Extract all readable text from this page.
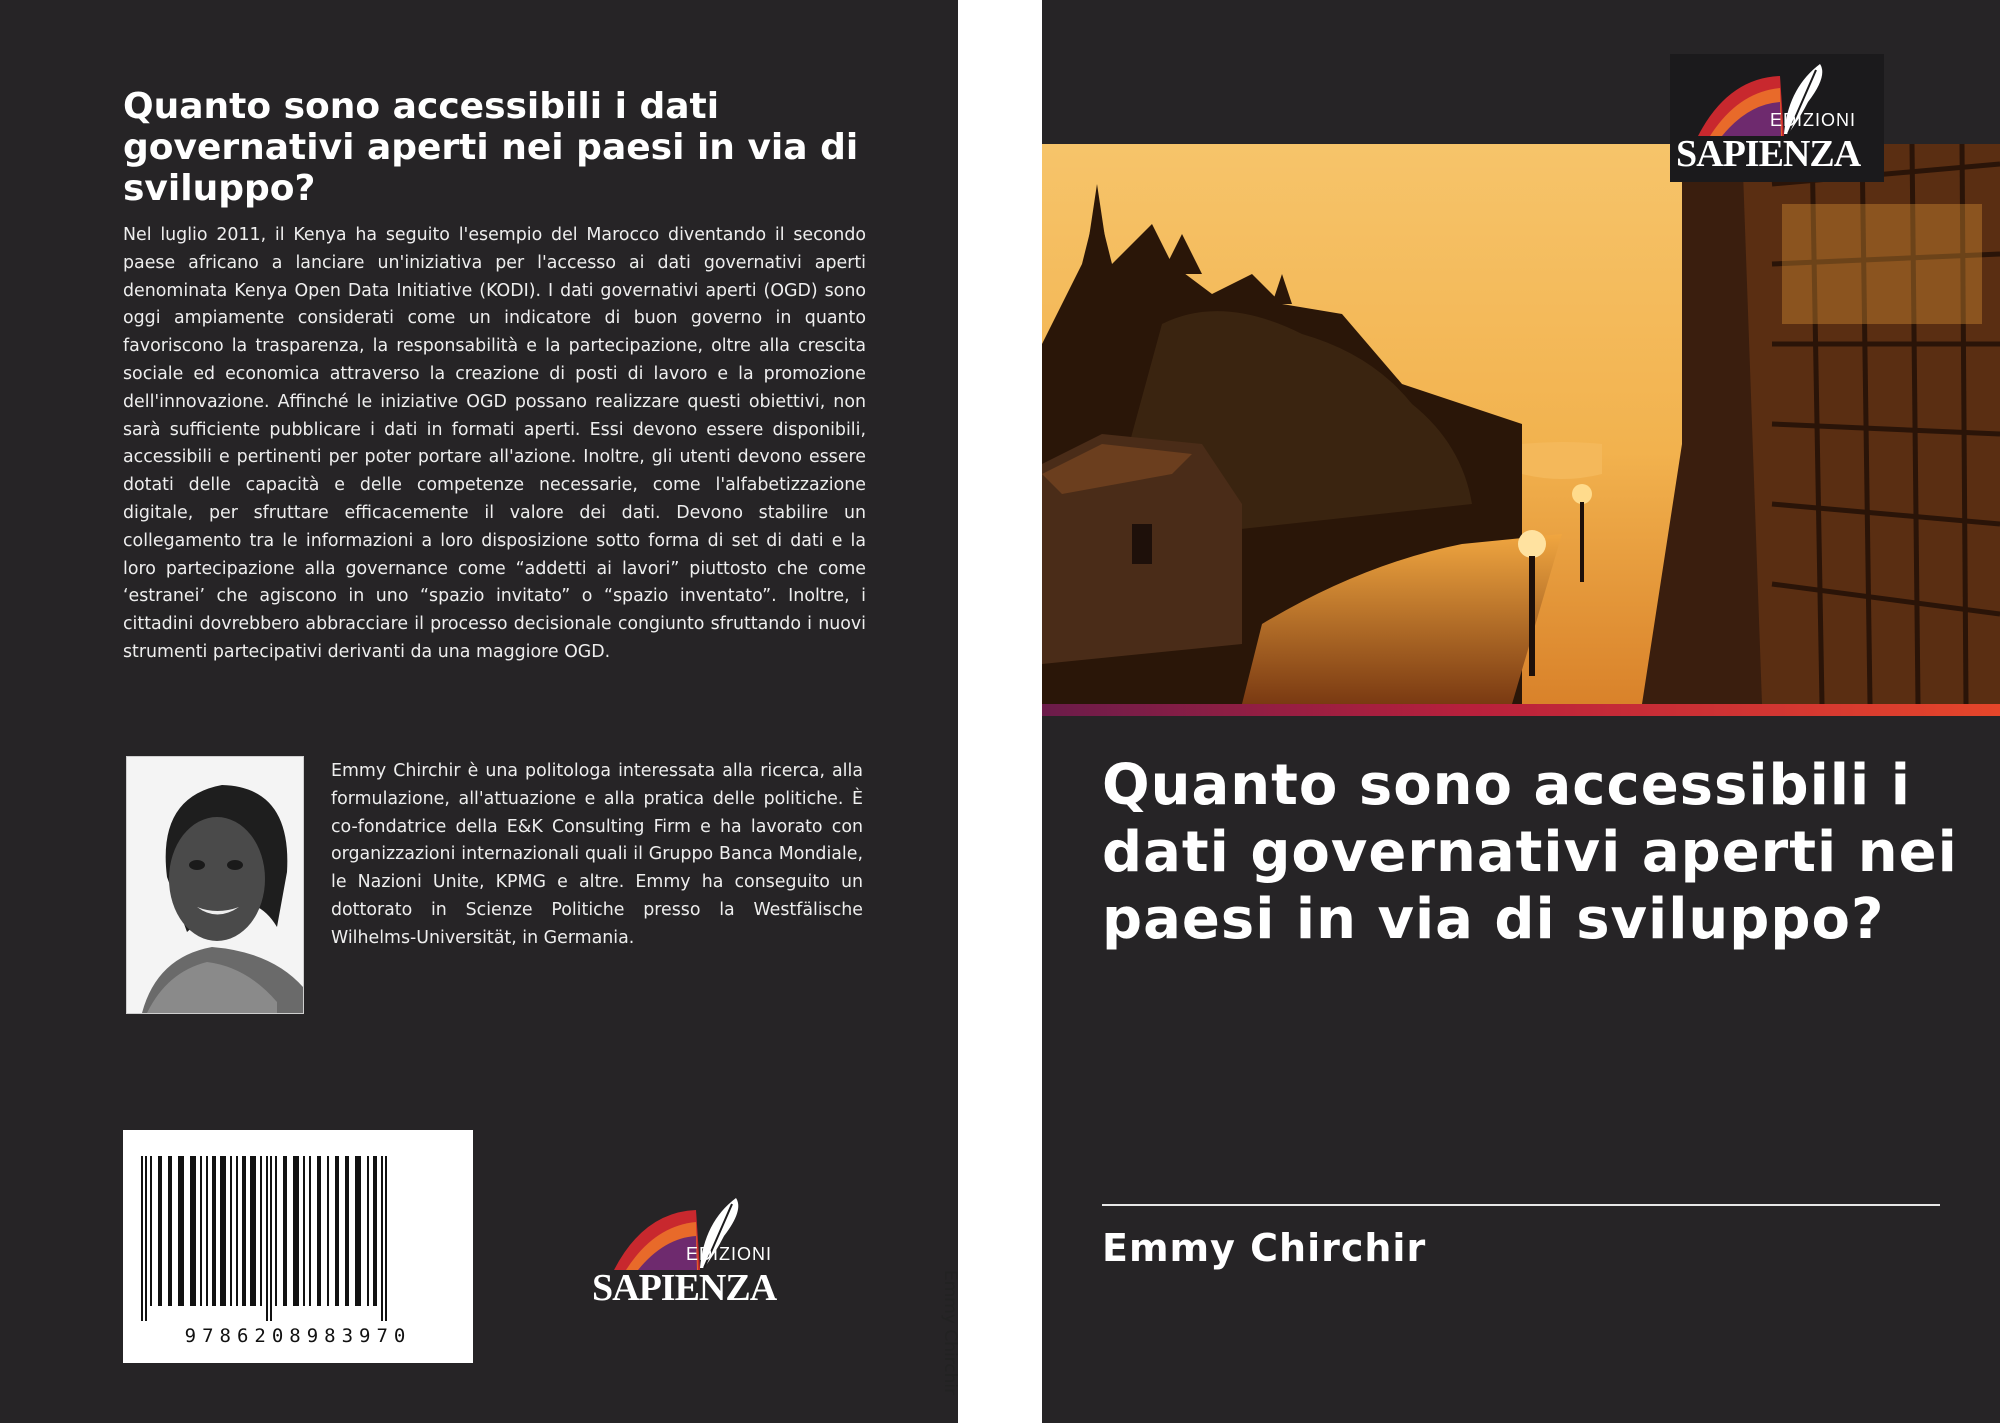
Quanto sono accessibili i dati governativi aperti nei paesi in via di sviluppo?

Nel luglio 2011, il Kenya ha seguito l'esempio del Marocco diventando il secondo paese africano a lanciare un'iniziativa per l'accesso ai dati governativi aperti denominata Kenya Open Data Initiative (KODI). I dati governativi aperti (OGD) sono oggi ampiamente considerati come un indicatore di buon governo in quanto favoriscono la trasparenza, la responsabilità e la partecipazione, oltre alla crescita sociale ed economica attraverso la creazione di posti di lavoro e la promozione dell'innovazione. Affinché le iniziative OGD possano realizzare questi obiettivi, non sarà sufficiente pubblicare i dati in formati aperti. Essi devono essere disponibili, accessibili e pertinenti per poter portare all'azione. Inoltre, gli utenti devono essere dotati delle capacità e delle competenze necessarie, come l'alfabetizzazione digitale, per sfruttare efficacemente il valore dei dati. Devono stabilire un collegamento tra le informazioni a loro disposizione sotto forma di set di dati e la loro partecipazione alla governance come “addetti ai lavori” piuttosto che come ‘estranei’ che agiscono in uno “spazio invitato” o “spazio inventato”. Inoltre, i cittadini dovrebbero abbracciare il processo decisionale congiunto sfruttando i nuovi strumenti partecipativi derivanti da una maggiore OGD.

Emmy Chirchir è una politologa interessata alla ricerca, alla formulazione, all'attuazione e alla pratica delle politiche. È co-fondatrice della E&K Consulting Firm e ha lavorato con organizzazioni internazionali quali il Gruppo Banca Mondiale, le Nazioni Unite, KPMG e altre. Emmy ha conseguito un dottorato in Scienze Politiche presso la Westfälische Wilhelms-Universität, in Germania.

9786208983970
EDIZIONI
SAPIENZA	Emmy Chirchir
EDIZIONI
SAPIENZA
Quanto sono accessibili i dati governativi aperti nei paesi in via di sviluppo?
Emmy Chirchir
